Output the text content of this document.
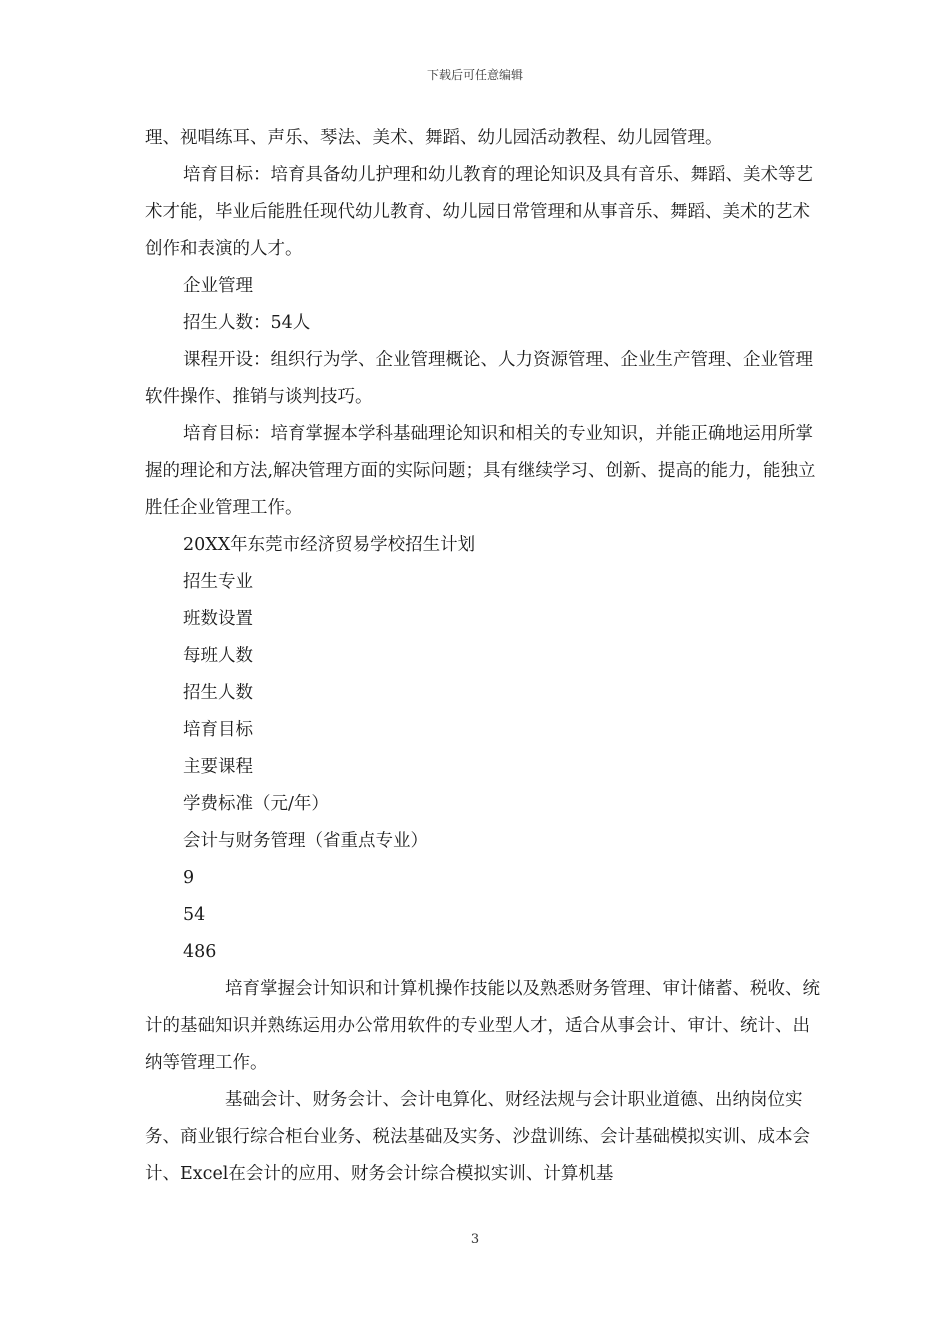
下载后可任意编辑

理、视唱练耳、声乐、琴法、美术、舞蹈、幼儿园活动教程、幼儿园管理。

培育目标：培育具备幼儿护理和幼儿教育的理论知识及具有音乐、舞蹈、美术等艺术才能，毕业后能胜任现代幼儿教育、幼儿园日常管理和从事音乐、舞蹈、美术的艺术创作和表演的人才。

企业管理

招生人数：54人

课程开设：组织行为学、企业管理概论、人力资源管理、企业生产管理、企业管理软件操作、推销与谈判技巧。

培育目标：培育掌握本学科基础理论知识和相关的专业知识，并能正确地运用所掌握的理论和方法,解决管理方面的实际问题；具有继续学习、创新、提高的能力，能独立胜任企业管理工作。

20XX年东莞市经济贸易学校招生计划

招生专业

班数设置

每班人数

招生人数

培育目标

主要课程

学费标准（元/年）

会计与财务管理（省重点专业）

9

54

486

培育掌握会计知识和计算机操作技能以及熟悉财务管理、审计储蓄、税收、统计的基础知识并熟练运用办公常用软件的专业型人才，适合从事会计、审计、统计、出纳等管理工作。

基础会计、财务会计、会计电算化、财经法规与会计职业道德、出纳岗位实务、商业银行综合柜台业务、税法基础及实务、沙盘训练、会计基础模拟实训、成本会计、Excel在会计的应用、财务会计综合模拟实训、计算机基

3
